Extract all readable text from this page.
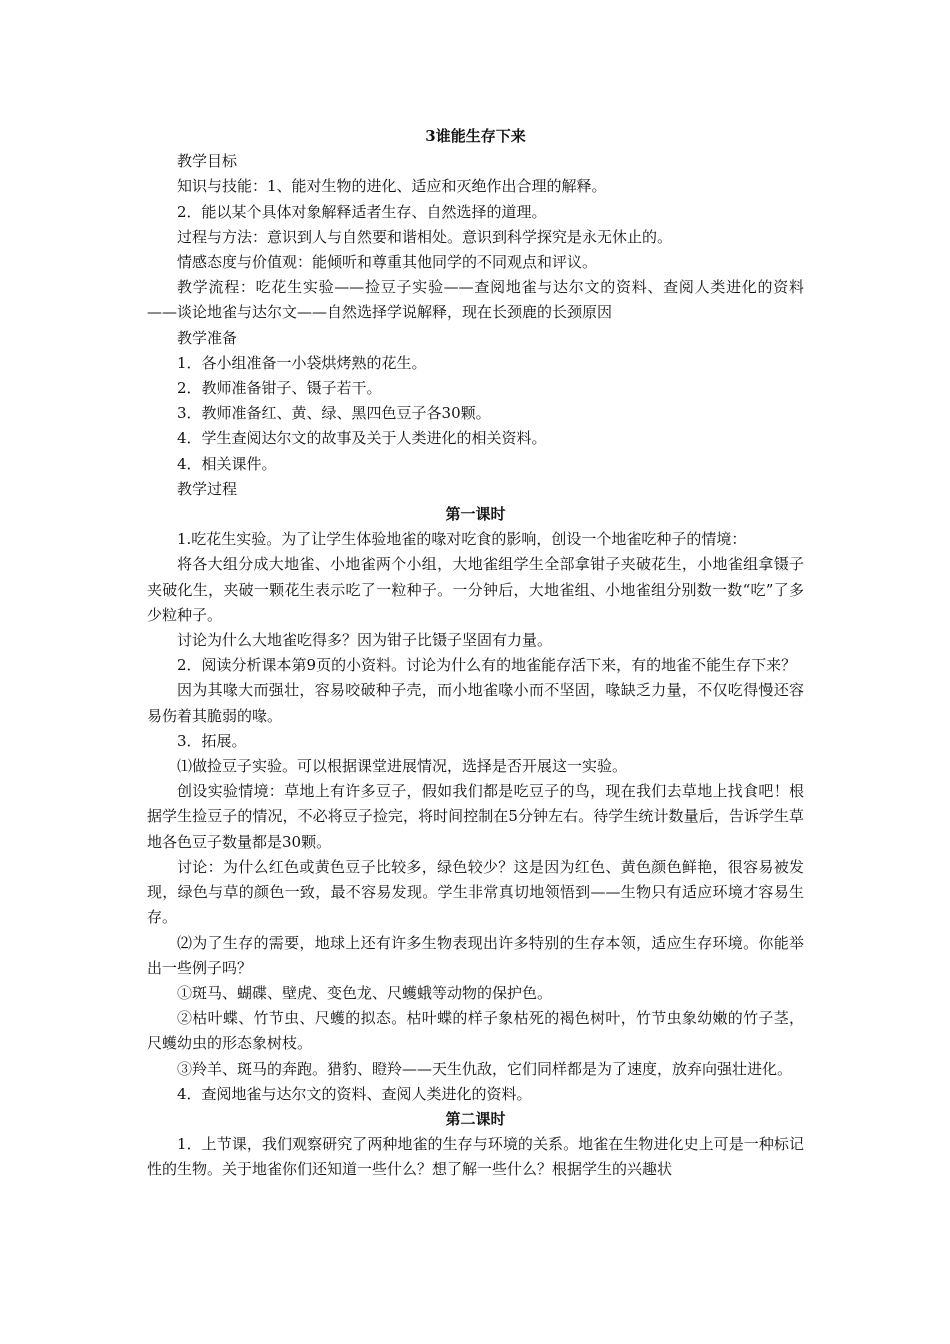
3谁能生存下来

教学目标

知识与技能：1、能对生物的进化、适应和灭绝作出合理的解释。

2．能以某个具体对象解释适者生存、自然选择的道理。

过程与方法：意识到人与自然要和谐相处。意识到科学探究是永无休止的。

情感态度与价值观：能倾听和尊重其他同学的不同观点和评议。

教学流程：吃花生实验——捡豆子实验——查阅地雀与达尔文的资料、查阅人类进化的资料——谈论地雀与达尔文——自然选择学说解释，现在长颈鹿的长颈原因

教学准备

1．各小组准备一小袋烘烤熟的花生。

2．教师准备钳子、镊子若干。

3．教师准备红、黄、绿、黑四色豆子各30颗。

4．学生查阅达尔文的故事及关于人类进化的相关资料。

4．相关课件。

教学过程

第一课时

1.吃花生实验。为了让学生体验地雀的喙对吃食的影响，创设一个地雀吃种子的情境：

将各大组分成大地雀、小地雀两个小组，大地雀组学生全部拿钳子夹破花生，小地雀组拿镊子夹破化生，夹破一颗花生表示吃了一粒种子。一分钟后，大地雀组、小地雀组分别数一数“吃”了多少粒种子。

讨论为什么大地雀吃得多？因为钳子比镊子坚固有力量。

2．阅读分析课本第9页的小资料。讨论为什么有的地雀能存活下来，有的地雀不能生存下来？

因为其喙大而强壮，容易咬破种子壳，而小地雀喙小而不坚固，喙缺乏力量，不仅吃得慢还容易伤着其脆弱的喙。

3．拓展。

⑴做捡豆子实验。可以根据课堂进展情况，选择是否开展这一实验。

创设实验情境：草地上有许多豆子，假如我们都是吃豆子的鸟，现在我们去草地上找食吧！根据学生捡豆子的情况，不必将豆子捡完，将时间控制在5分钟左右。待学生统计数量后，告诉学生草地各色豆子数量都是30颗。

讨论：为什么红色或黄色豆子比较多，绿色较少？这是因为红色、黄色颜色鲜艳，很容易被发现，绿色与草的颜色一致，最不容易发现。学生非常真切地领悟到——生物只有适应环境才容易生存。

⑵为了生存的需要，地球上还有许多生物表现出许多特别的生存本领，适应生存环境。你能举出一些例子吗？

①斑马、蝴碟、壁虎、变色龙、尺蠖蛾等动物的保护色。

②枯叶蝶、竹节虫、尺蠖的拟态。枯叶蝶的样子象枯死的褐色树叶，竹节虫象幼嫩的竹子茎，尺蠖幼虫的形态象树枝。

③羚羊、斑马的奔跑。猎豹、瞪羚——天生仇敌，它们同样都是为了速度，放弃向强壮进化。

4．查阅地雀与达尔文的资料、查阅人类进化的资料。

第二课时

1．上节课，我们观察研究了两种地雀的生存与环境的关系。地雀在生物进化史上可是一种标记性的生物。关于地雀你们还知道一些什么？想了解一些什么？根据学生的兴趣状
